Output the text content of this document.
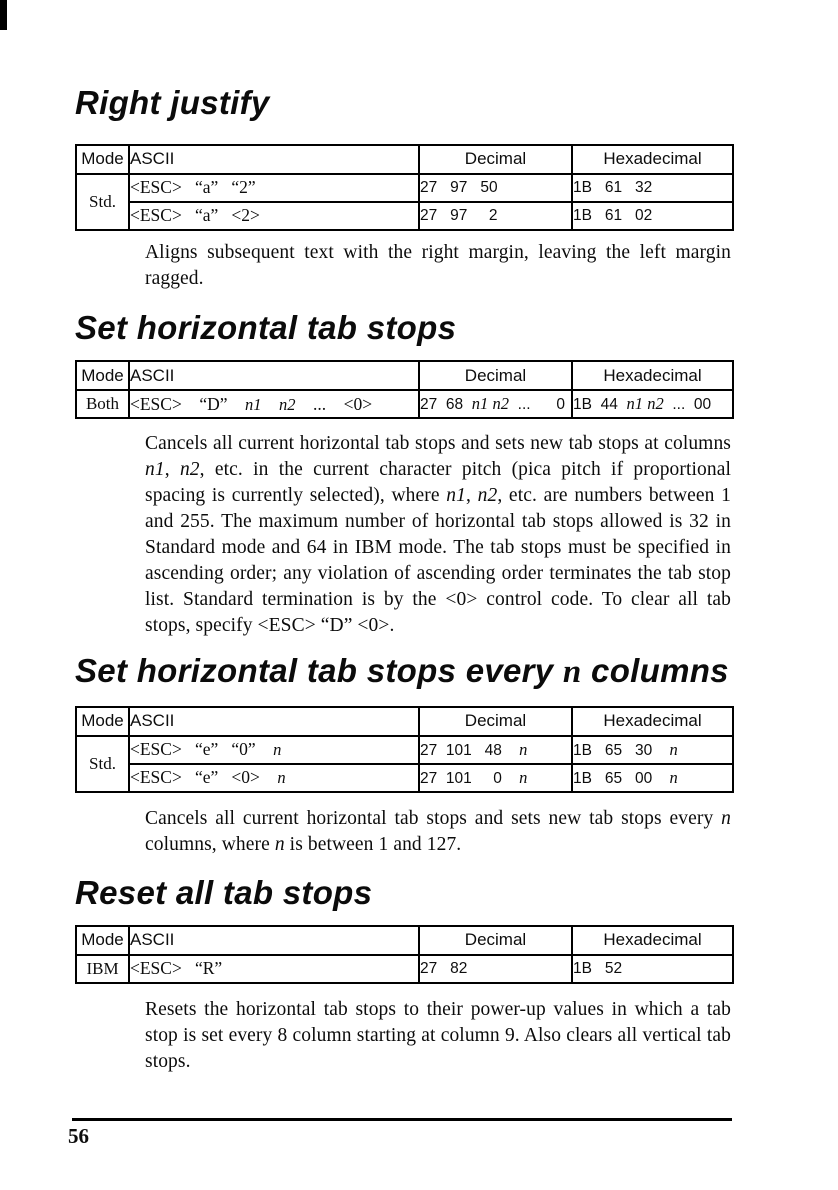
Right justify
Mode	ASCII	Decimal	Hexadecimal
Std.	<ESC>   “a”   “2”	27   97   50	1B   61   32
	<ESC>   “a”   <2>	27   97     2	1B   61   02

Aligns subsequent text with the right margin, leaving the left margin ragged.

Set horizontal tab stops
Mode	ASCII	Decimal	Hexadecimal
Both	<ESC>    “D”    n1 n2    ...    <0>	27  68  n1 n2  ...      0	1B  44  n1 n2  ...  00

Cancels all current horizontal tab stops and sets new tab stops at columns n1, n2, etc. in the current character pitch (pica pitch if proportional spacing is currently selected), where n1, n2, etc. are numbers between 1 and 255. The maximum number of horizontal tab stops allowed is 32 in Standard mode and 64 in IBM mode. The tab stops must be specified in ascending order; any violation of ascending order terminates the tab stop list. Standard termination is by the <0> control code. To clear all tab stops, specify <ESC> “D” <0>.

Set horizontal tab stops every n columns
Mode	ASCII	Decimal	Hexadecimal
Std.	<ESC>   “e”   “0”    n	27  101   48    n	1B   65   30    n
	<ESC>   “e”   <0>    n	27  101     0    n	1B   65   00    n

Cancels all current horizontal tab stops and sets new tab stops every n columns, where n is between 1 and 127.

Reset all tab stops
Mode	ASCII	Decimal	Hexadecimal
IBM	<ESC>   “R”	27   82	1B   52

Resets the horizontal tab stops to their power-up values in which a tab stop is set every 8 column starting at column 9. Also clears all vertical tab stops.

56
